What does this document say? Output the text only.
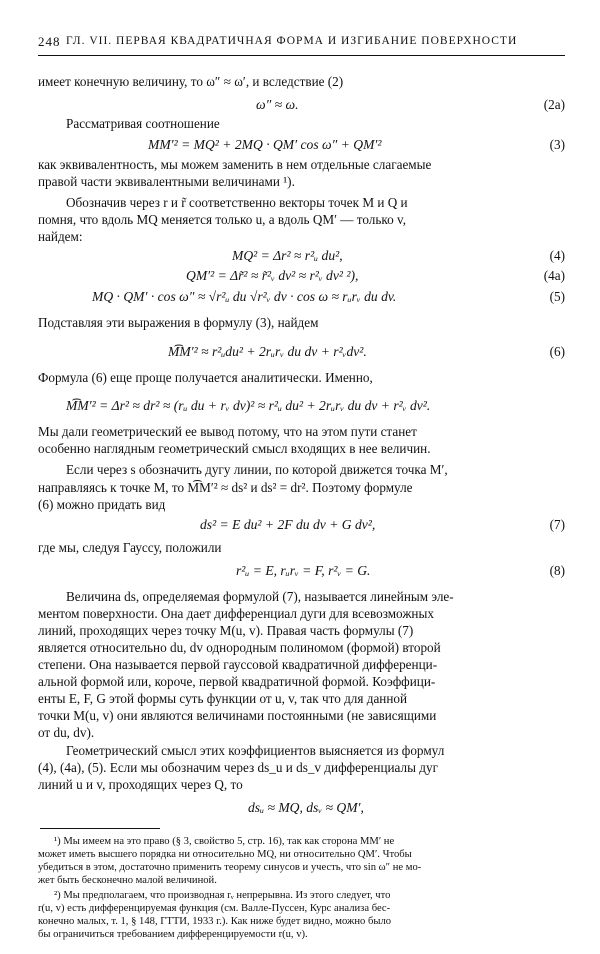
248 ГЛ. VII. ПЕРВАЯ КВАДРАТИЧНАЯ ФОРМА И ИЗГИБАНИЕ ПОВЕРХНОСТИ
имеет конечную величину, то ω″ ≈ ω′, и вследствие (2)
ω″ ≈ ω.	(2a)
Рассматривая соотношение
MM′² = MQ² + 2MQ · QM′ cos ω″ + QM′²	(3)
как эквивалентность, мы можем заменить в нем отдельные слагаемые
правой части эквивалентными величинами ¹).
Обозначив через r и r̃ соответственно векторы точек M и Q и
помня, что вдоль MQ меняется только u, а вдоль QM′ — только v,
найдем:
MQ² = Δr² ≈ r²ᵤ du²,	(4)
QM′² = Δr̃² ≈ r̃²ᵥ dv² ≈ r²ᵥ dv² ²),	(4a)
MQ · QM′ · cos ω″ ≈ √r²ᵤ du √r²ᵥ dv · cos ω ≈ rᵤrᵥ du dv.	(5)
Подставляя эти выражения в формулу (3), найдем
M͡M′² ≈ r²ᵤdu² + 2rᵤrᵥ du dv + r²ᵥdv².	(6)
Формула (6) еще проще получается аналитически. Именно,
M͡M′² = Δr² ≈ dr² ≈ (rᵤ du + rᵥ dv)² ≈ r²ᵤ du² + 2rᵤrᵥ du dv + r²ᵥ dv².
Мы дали геометрический ее вывод потому, что на этом пути станет
особенно наглядным геометрический смысл входящих в нее величин.
Если через s обозначить дугу линии, по которой движется точка M′,
направляясь к точке M, то M͡M′² ≈ ds² и ds² = dr². Поэтому формуле
(6) можно придать вид
ds² = E du² + 2F du dv + G dv²,	(7)
где мы, следуя Гауссу, положили
r²ᵤ = E, rᵤrᵥ = F, r²ᵥ = G.	(8)
Величина ds, определяемая формулой (7), называется линейным эле-
ментом поверхности. Она дает дифференциал дуги для всевозможных
линий, проходящих через точку M(u, v). Правая часть формулы (7)
является относительно du, dv однородным полиномом (формой) второй
степени. Она называется первой гауссовой квадратичной дифференци-
альной формой или, короче, первой квадратичной формой. Коэффици-
енты E, F, G этой формы суть функции от u, v, так что для данной
точки M(u, v) они являются величинами постоянными (не зависящими
от du, dv).
Геометрический смысл этих коэффициентов выясняется из формул
(4), (4a), (5). Если мы обозначим через ds_u и ds_v дифференциалы дуг
линий u и v, проходящих через Q, то
dsᵤ ≈ MQ, dsᵥ ≈ QM′,
¹) Мы имеем на это право (§ 3, свойство 5, стр. 16), так как сторона MM′ не
может иметь высшего порядка ни относительно MQ, ни относительно QM′. Чтобы
убедиться в этом, достаточно применить теорему синусов и учесть, что sin ω″ не мо-
жет быть бесконечно малой величиной.
²) Мы предполагаем, что производная rᵥ непрерывна. Из этого следует, что
r(u, v) есть дифференцируемая функция (см. Валле-Пуссен, Курс анализа бес-
конечно малых, т. 1, § 148, ГТТИ, 1933 г.). Как ниже будет видно, можно было
бы ограничиться требованием дифференцируемости r(u, v).
